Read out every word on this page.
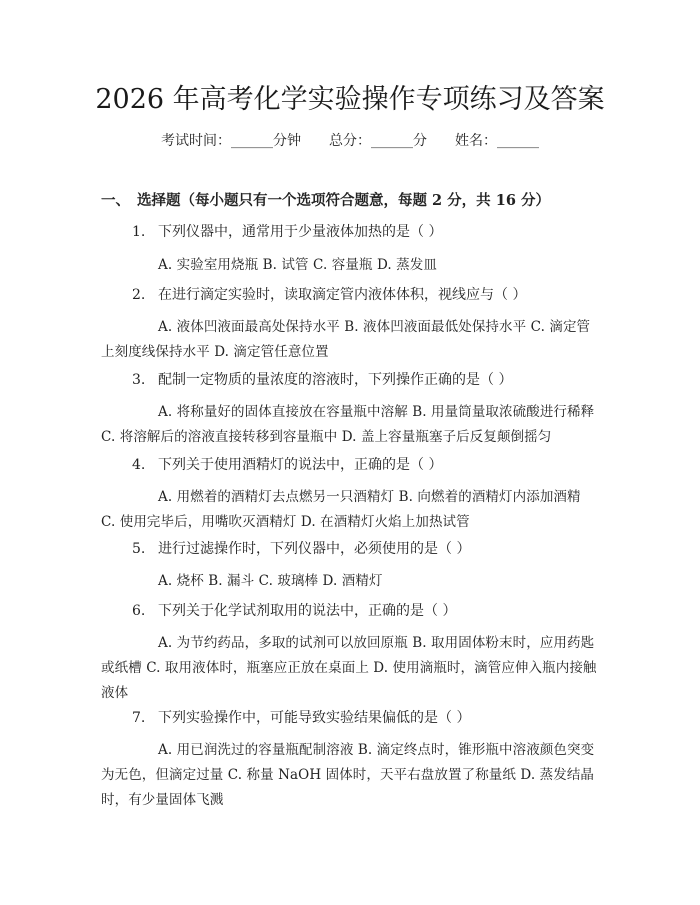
2026 年高考化学实验操作专项练习及答案
考试时间：______分钟 总分：______分 姓名：______
一、 选择题（每小题只有一个选项符合题意，每题 2 分，共 16 分）
1. 下列仪器中，通常用于少量液体加热的是（ ）
A. 实验室用烧瓶 B. 试管 C. 容量瓶 D. 蒸发皿
2. 在进行滴定实验时，读取滴定管内液体体积，视线应与（ ）
A. 液体凹液面最高处保持水平 B. 液体凹液面最低处保持水平 C. 滴定管上刻度线保持水平 D. 滴定管任意位置
3. 配制一定物质的量浓度的溶液时，下列操作正确的是（ ）
A. 将称量好的固体直接放在容量瓶中溶解 B. 用量筒量取浓硫酸进行稀释 C. 将溶解后的溶液直接转移到容量瓶中 D. 盖上容量瓶塞子后反复颠倒摇匀
4. 下列关于使用酒精灯的说法中，正确的是（ ）
A. 用燃着的酒精灯去点燃另一只酒精灯 B. 向燃着的酒精灯内添加酒精 C. 使用完毕后，用嘴吹灭酒精灯 D. 在酒精灯火焰上加热试管
5. 进行过滤操作时，下列仪器中，必须使用的是（ ）
A. 烧杯 B. 漏斗 C. 玻璃棒 D. 酒精灯
6. 下列关于化学试剂取用的说法中，正确的是（ ）
A. 为节约药品，多取的试剂可以放回原瓶 B. 取用固体粉末时，应用药匙或纸槽 C. 取用液体时，瓶塞应正放在桌面上 D. 使用滴瓶时，滴管应伸入瓶内接触液体
7. 下列实验操作中，可能导致实验结果偏低的是（ ）
A. 用已润洗过的容量瓶配制溶液 B. 滴定终点时，锥形瓶中溶液颜色突变为无色，但滴定过量 C. 称量 NaOH 固体时，天平右盘放置了称量纸 D. 蒸发结晶时，有少量固体飞溅
